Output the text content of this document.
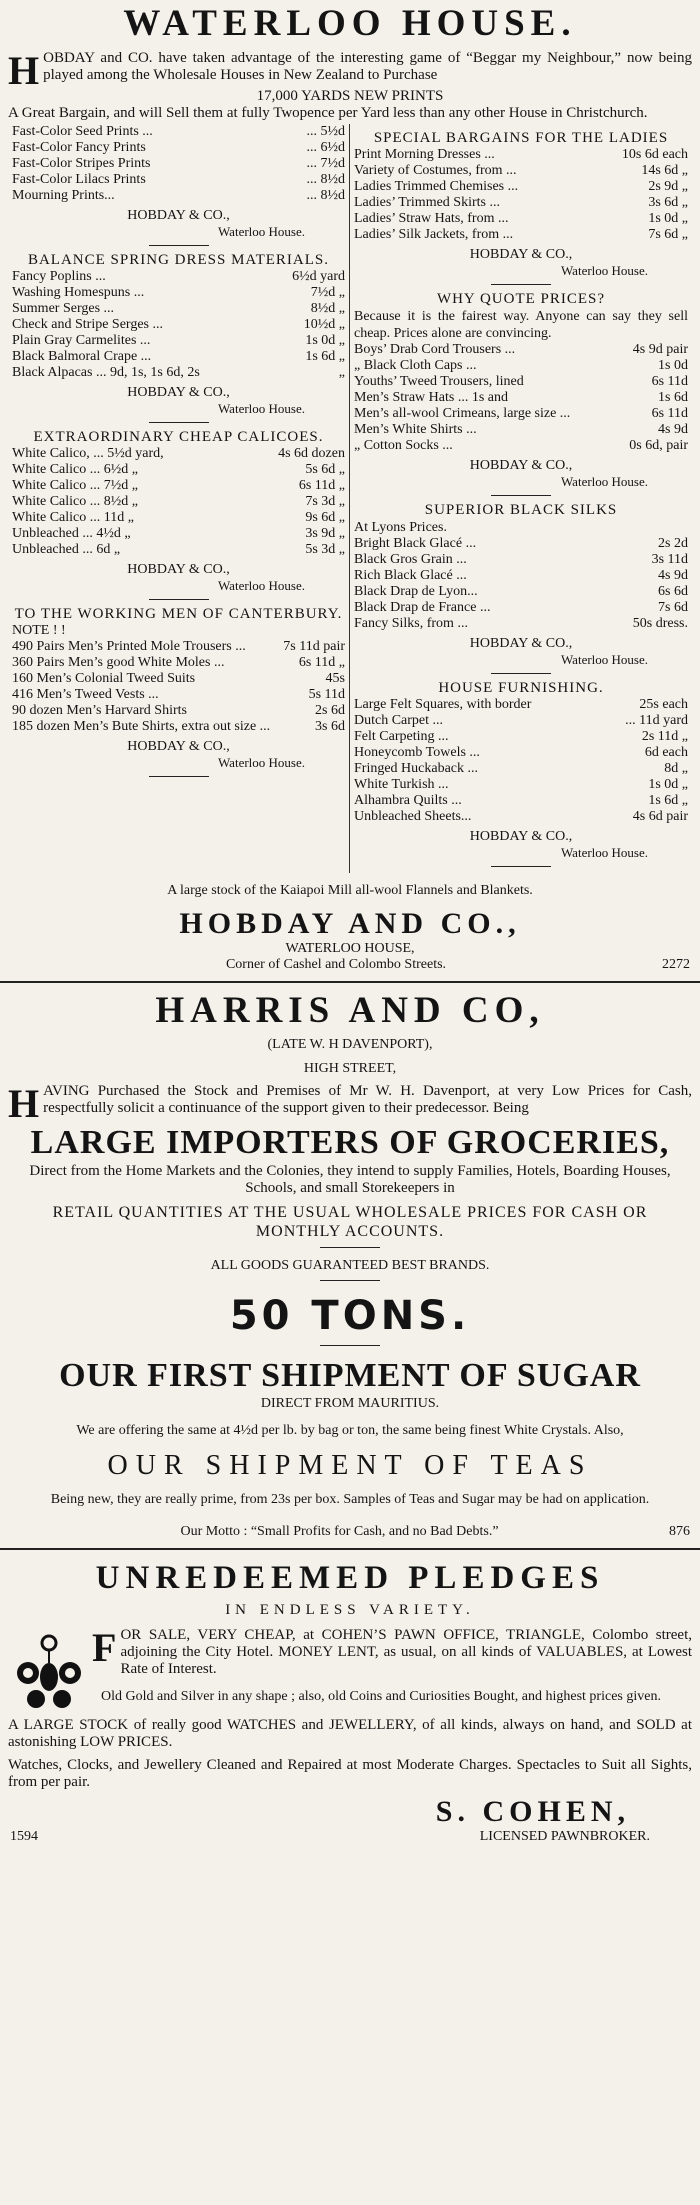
WATERLOO HOUSE.
H OBDAY and CO. have taken advantage of the interesting game of “Beggar my Neighbour,” now being played among the Wholesale Houses in New Zealand to Purchase
17,000 YARDS NEW PRINTS
A Great Bargain, and will Sell them at fully Twopence per Yard less than any other House in Christchurch.
Fast-Color Seed Prints ...	... 5½d
Fast-Color Fancy Prints	... 6½d
Fast-Color Stripes Prints	... 7½d
Fast-Color Lilacs Prints	... 8½d
Mourning Prints...	... 8½d
HOBDAY & CO.,
Waterloo House.
BALANCE SPRING DRESS MATERIALS.
Fancy Poplins ...	6½d yard
Washing Homespuns ...	7½d „
Summer Serges ...	8½d „
Check and Stripe Serges ...	10½d „
Plain Gray Carmelites ...	1s 0d „
Black Balmoral Crape ...	1s 6d „
Black Alpacas ... 9d, 1s, 1s 6d, 2s	„
HOBDAY & CO.,
Waterloo House.
EXTRAORDINARY CHEAP CALICOES.
White Calico, ... 5½d yard,	4s 6d dozen
White Calico ... 6½d „	5s 6d „
White Calico ... 7½d „	6s 11d „
White Calico ... 8½d „	7s 3d „
White Calico ... 11d „	9s 6d „
Unbleached ... 4½d „	3s 9d „
Unbleached ... 6d „	5s 3d „
HOBDAY & CO.,
Waterloo House.
TO THE WORKING MEN OF CANTERBURY.
NOTE ! !
490 Pairs Men’s Printed Mole Trousers ...	7s 11d pair
360 Pairs Men’s good White Moles ...	6s 11d „
160 Men’s Colonial Tweed Suits	45s
416 Men’s Tweed Vests ...	5s 11d
90 dozen Men’s Harvard Shirts	2s 6d
185 dozen Men’s Bute Shirts, extra out size ...	3s 6d
HOBDAY & CO.,
Waterloo House.
SPECIAL BARGAINS FOR THE LADIES
Print Morning Dresses ...	10s 6d each
Variety of Costumes, from ...	14s 6d „
Ladies Trimmed Chemises ...	2s 9d „
Ladies’ Trimmed Skirts ...	3s 6d „
Ladies’ Straw Hats, from ...	1s 0d „
Ladies’ Silk Jackets, from ...	7s 6d „
HOBDAY & CO.,
Waterloo House.
WHY QUOTE PRICES?
Because it is the fairest way. Anyone can say they sell cheap. Prices alone are convincing.
Boys’ Drab Cord Trousers ...	4s 9d pair
„ Black Cloth Caps ...	1s 0d
Youths’ Tweed Trousers, lined	6s 11d
Men’s Straw Hats ... 1s and	1s 6d
Men’s all-wool Crimeans, large size ...	6s 11d
Men’s White Shirts ...	4s 9d
„ Cotton Socks ...	0s 6d, pair
HOBDAY & CO.,
Waterloo House.
SUPERIOR BLACK SILKS
At Lyons Prices.
Bright Black Glacé ...	2s 2d
Black Gros Grain ...	3s 11d
Rich Black Glacé ...	4s 9d
Black Drap de Lyon...	6s 6d
Black Drap de France ...	7s 6d
Fancy Silks, from ...	50s dress.
HOBDAY & CO.,
Waterloo House.
HOUSE FURNISHING.
Large Felt Squares, with border	25s each
Dutch Carpet ...	... 11d yard
Felt Carpeting ...	2s 11d „
Honeycomb Towels ...	6d each
Fringed Huckaback ...	8d „
White Turkish ...	1s 0d „
Alhambra Quilts ...	1s 6d „
Unbleached Sheets...	4s 6d pair
HOBDAY & CO.,
Waterloo House.
A large stock of the Kaiapoi Mill all-wool Flannels and Blankets.
HOBDAY AND CO.,
WATERLOO HOUSE,
Corner of Cashel and Colombo Streets.	2272
HARRIS AND CO,
(LATE W. H DAVENPORT),
HIGH STREET,
H AVING Purchased the Stock and Premises of Mr W. H. Davenport, at very Low Prices for Cash, respectfully solicit a continuance of the support given to their predecessor. Being
LARGE IMPORTERS OF GROCERIES,
Direct from the Home Markets and the Colonies, they intend to supply Families, Hotels, Boarding Houses, Schools, and small Storekeepers in
RETAIL QUANTITIES AT THE USUAL WHOLESALE PRICES FOR CASH OR MONTHLY ACCOUNTS.
ALL GOODS GUARANTEED BEST BRANDS.
50 TONS.
OUR FIRST SHIPMENT OF SUGAR
DIRECT FROM MAURITIUS.
We are offering the same at 4½d per lb. by bag or ton, the same being finest White Crystals. Also,
OUR SHIPMENT OF TEAS
Being new, they are really prime, from 23s per box. Samples of Teas and Sugar may be had on application.
Our Motto : “Small Profits for Cash, and no Bad Debts.”	876
UNREDEEMED PLEDGES
IN ENDLESS VARIETY.
F OR SALE, VERY CHEAP, at COHEN’S PAWN OFFICE, TRIANGLE, Colombo street, adjoining the City Hotel. MONEY LENT, as usual, on all kinds of VALUABLES, at Lowest Rate of Interest.
Old Gold and Silver in any shape ; also, old Coins and Curiosities Bought, and highest prices given.
A LARGE STOCK of really good WATCHES and JEWELLERY, of all kinds, always on hand, and SOLD at astonishing LOW PRICES.
Watches, Clocks, and Jewellery Cleaned and Repaired at most Moderate Charges. Spectacles to Suit all Sights, from per pair.
S. COHEN,
1594	LICENSED PAWNBROKER.
